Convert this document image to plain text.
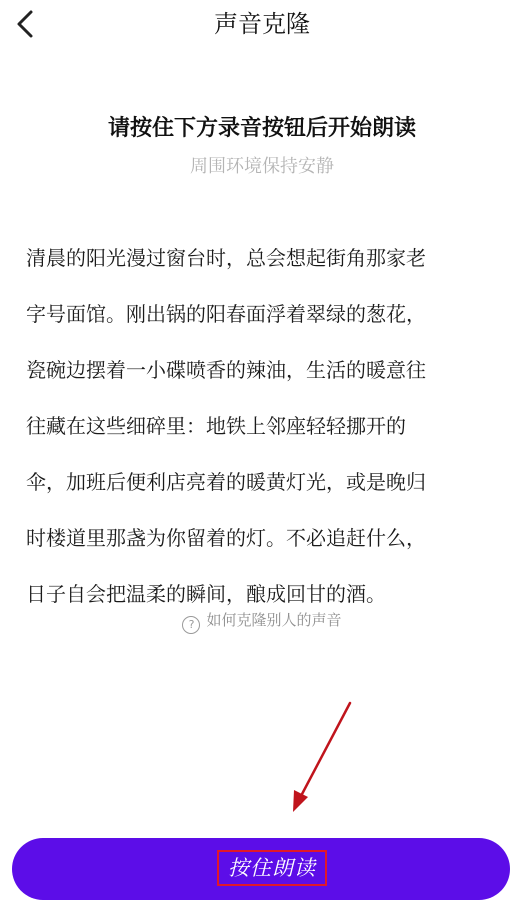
声音克隆
请按住下方录音按钮后开始朗读
周围环境保持安静
清晨的阳光漫过窗台时，总会想起街角那家老
字号面馆。刚出锅的阳春面浮着翠绿的葱花，
瓷碗边摆着一小碟喷香的辣油，生活的暖意往
往藏在这些细碎里：地铁上邻座轻轻挪开的
伞，加班后便利店亮着的暖黄灯光，或是晚归
时楼道里那盏为你留着的灯。不必追赶什么，
日子自会把温柔的瞬间，酿成回甘的酒。
? 如何克隆别人的声音
按住朗读
